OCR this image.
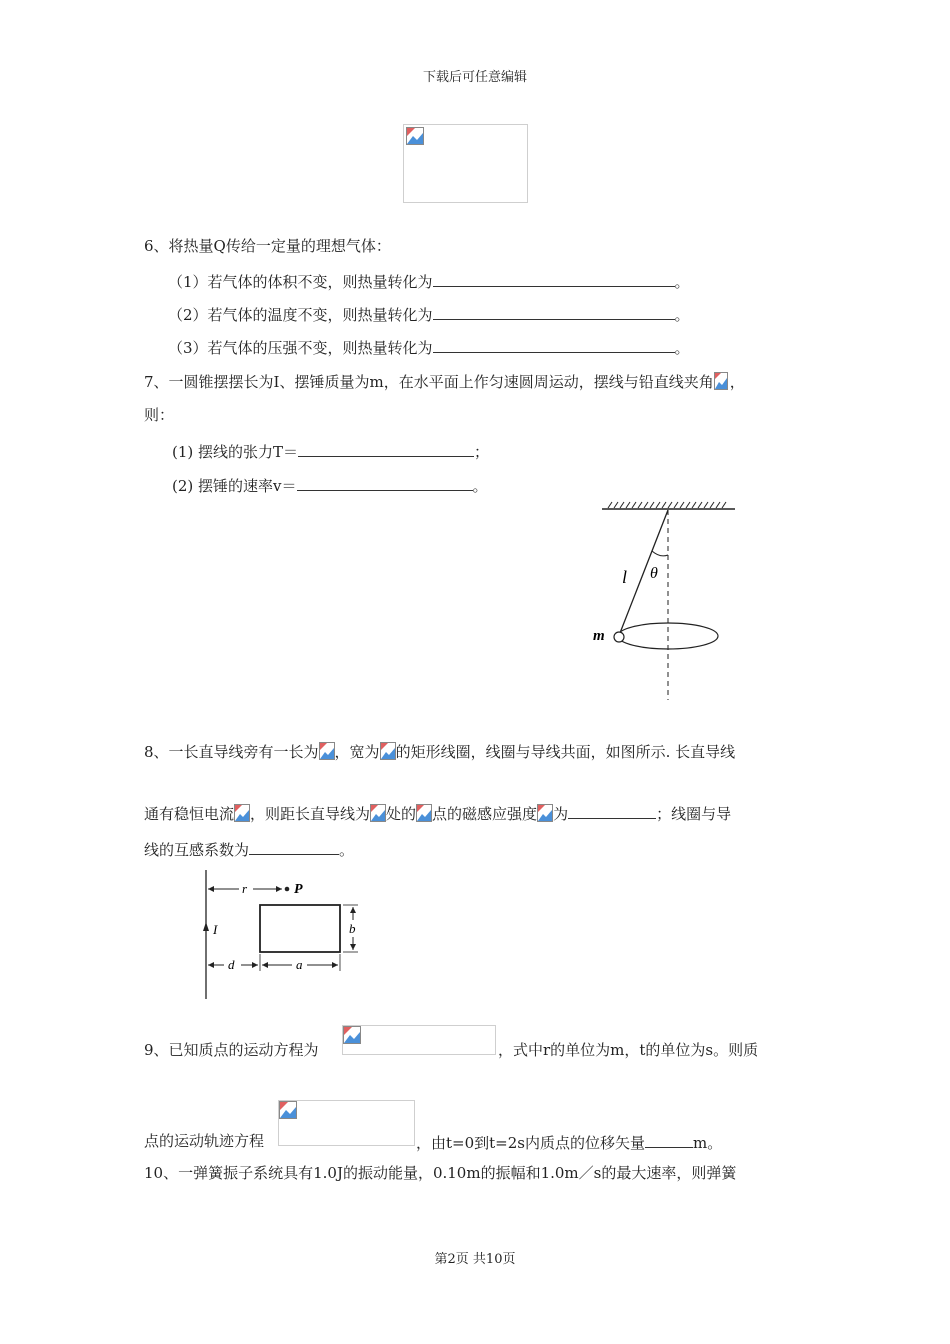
下载后可任意编辑
6、将热量Q传给一定量的理想气体：
（1）若气体的体积不变，则热量转化为	。
（2）若气体的温度不变，则热量转化为	。
（3）若气体的压强不变，则热量转化为	。
7、一圆锥摆摆长为I、摆锤质量为m，在水平面上作匀速圆周运动，摆线与铅直线夹角 ，
则：
(1) 摆线的张力T＝	；
(2) 摆锤的速率v＝	。
l θ
m
8、一长直导线旁有一长为 ，宽为 的矩形线圈，线圈与导线共面，如图所示. 长直导线
通有稳恒电流 ，则距长直导线为 处的 点的磁感应强度 为	；线圈与导
线的互感系数为	。
I
r	P
b
d	a
9、已知质点的运动方程为	，式中r的单位为m，t的单位为s。则质
点的运动轨迹方程	，由t=0到t=2s内质点的位移矢量	m。
10、一弹簧振子系统具有1.0J的振动能量，0.10m的振幅和1.0m／s的最大速率，则弹簧
第2页 共10页
